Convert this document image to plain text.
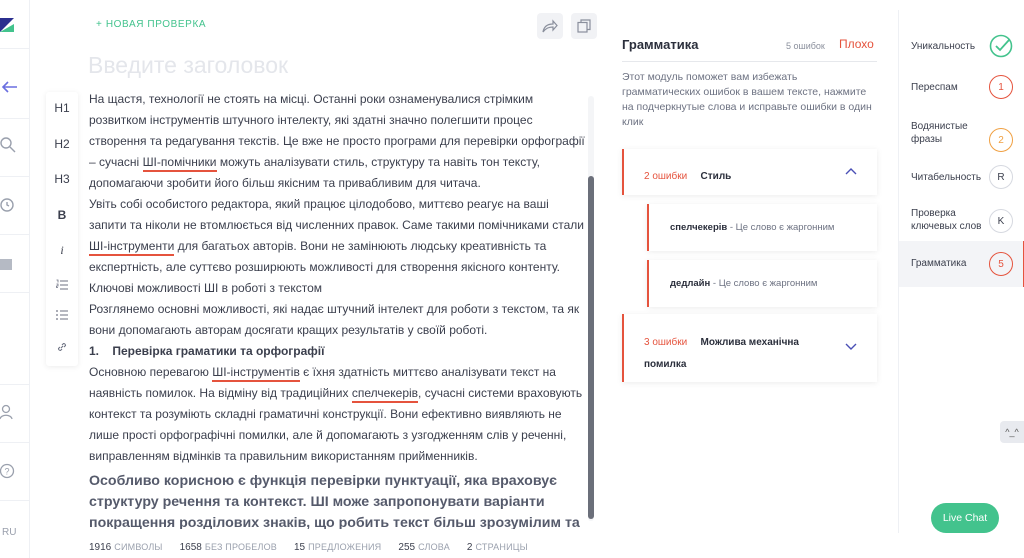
?
RU
+ НОВАЯ ПРОВЕРКА
Введите заголовок
H1
H2
H3
B
i

На щастя, технології не стоять на місці. Останні роки ознаменувалися стрімким розвитком інструментів штучного інтелекту, які здатні значно полегшити процес створення та редагування текстів. Це вже не просто програми для перевірки орфографії – сучасні ШІ-помічники можуть аналізувати стиль, структуру та навіть тон тексту, допомагаючи зробити його більш якісним та привабливим для читача.

Увіть собі особистого редактора, який працює цілодобово, миттєво реагує на ваші запити та ніколи не втомлюється від численних правок. Саме такими помічниками стали ШІ-інструменти для багатьох авторів. Вони не замінюють людську креативність та експертність, але суттєво розширюють можливості для створення якісного контенту.

Ключові можливості ШІ в роботі з текстом

Розглянемо основні можливості, які надає штучний інтелект для роботи з текстом, та як вони допомагають авторам досягати кращих результатів у своїй роботі.

1. Перевірка граматики та орфографії

Основною перевагою ШІ-інструментів є їхня здатність миттєво аналізувати текст на наявність помилок. На відміну від традиційних спелчекерів, сучасні системи враховують контекст та розуміють складні граматичні конструкції. Вони ефективно виявляють не лише прості орфографічні помилки, але й допомагають з узгодженням слів у реченні, виправленням відмінків та правильним використанням прийменників.

Особливо корисною є функція перевірки пунктуації, яка враховує структуру речення та контекст. ШІ може запропонувати варіанти покращення розділових знаків, що робить текст більш зрозумілим та

1916 СИМВОЛЫ 1658 БЕЗ ПРОБЕЛОВ 15 ПРЕДЛОЖЕНИЯ 255 СЛОВА 2 СТРАНИЦЫ
Грамматика	5 ошибок Плохо
Этот модуль поможет вам избежать грамматических ошибок в вашем тексте, нажмите на подчеркнутые слова и исправьте ошибки в один клик
2 ошибки Стиль
спелчекерів - Це слово є жаргонним
дедлайн - Це слово є жаргонним
3 ошибки Можлива механічна помилка
Уникальность
Переспам	1
Водянистые фразы	2
Читабельность	R
Проверка ключевых слов	K
Грамматика	5
^_^
Live Chat
